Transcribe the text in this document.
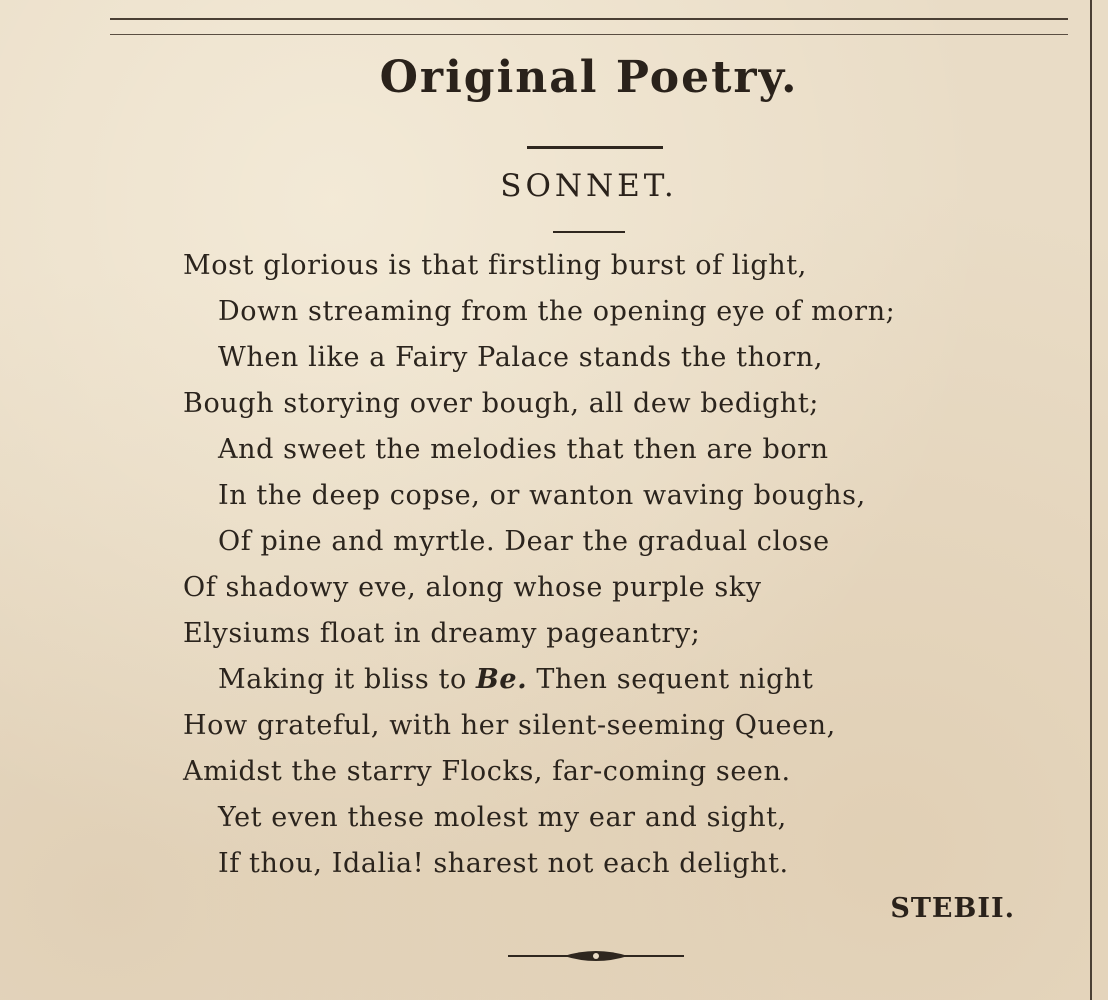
Original Poetry.
SONNET.
Most glorious is that firstling burst of light,
Down streaming from the opening eye of morn;
When like a Fairy Palace stands the thorn,
Bough storying over bough, all dew bedight;
And sweet the melodies that then are born
In the deep copse, or wanton waving boughs,
Of pine and myrtle. Dear the gradual close
Of shadowy eve, along whose purple sky
Elysiums float in dreamy pageantry;
Making it bliss to Be. Then sequent night
How grateful, with her silent-seeming Queen,
Amidst the starry Flocks, far-coming seen.
Yet even these molest my ear and sight,
If thou, Idalia! sharest not each delight.
STEBII.
